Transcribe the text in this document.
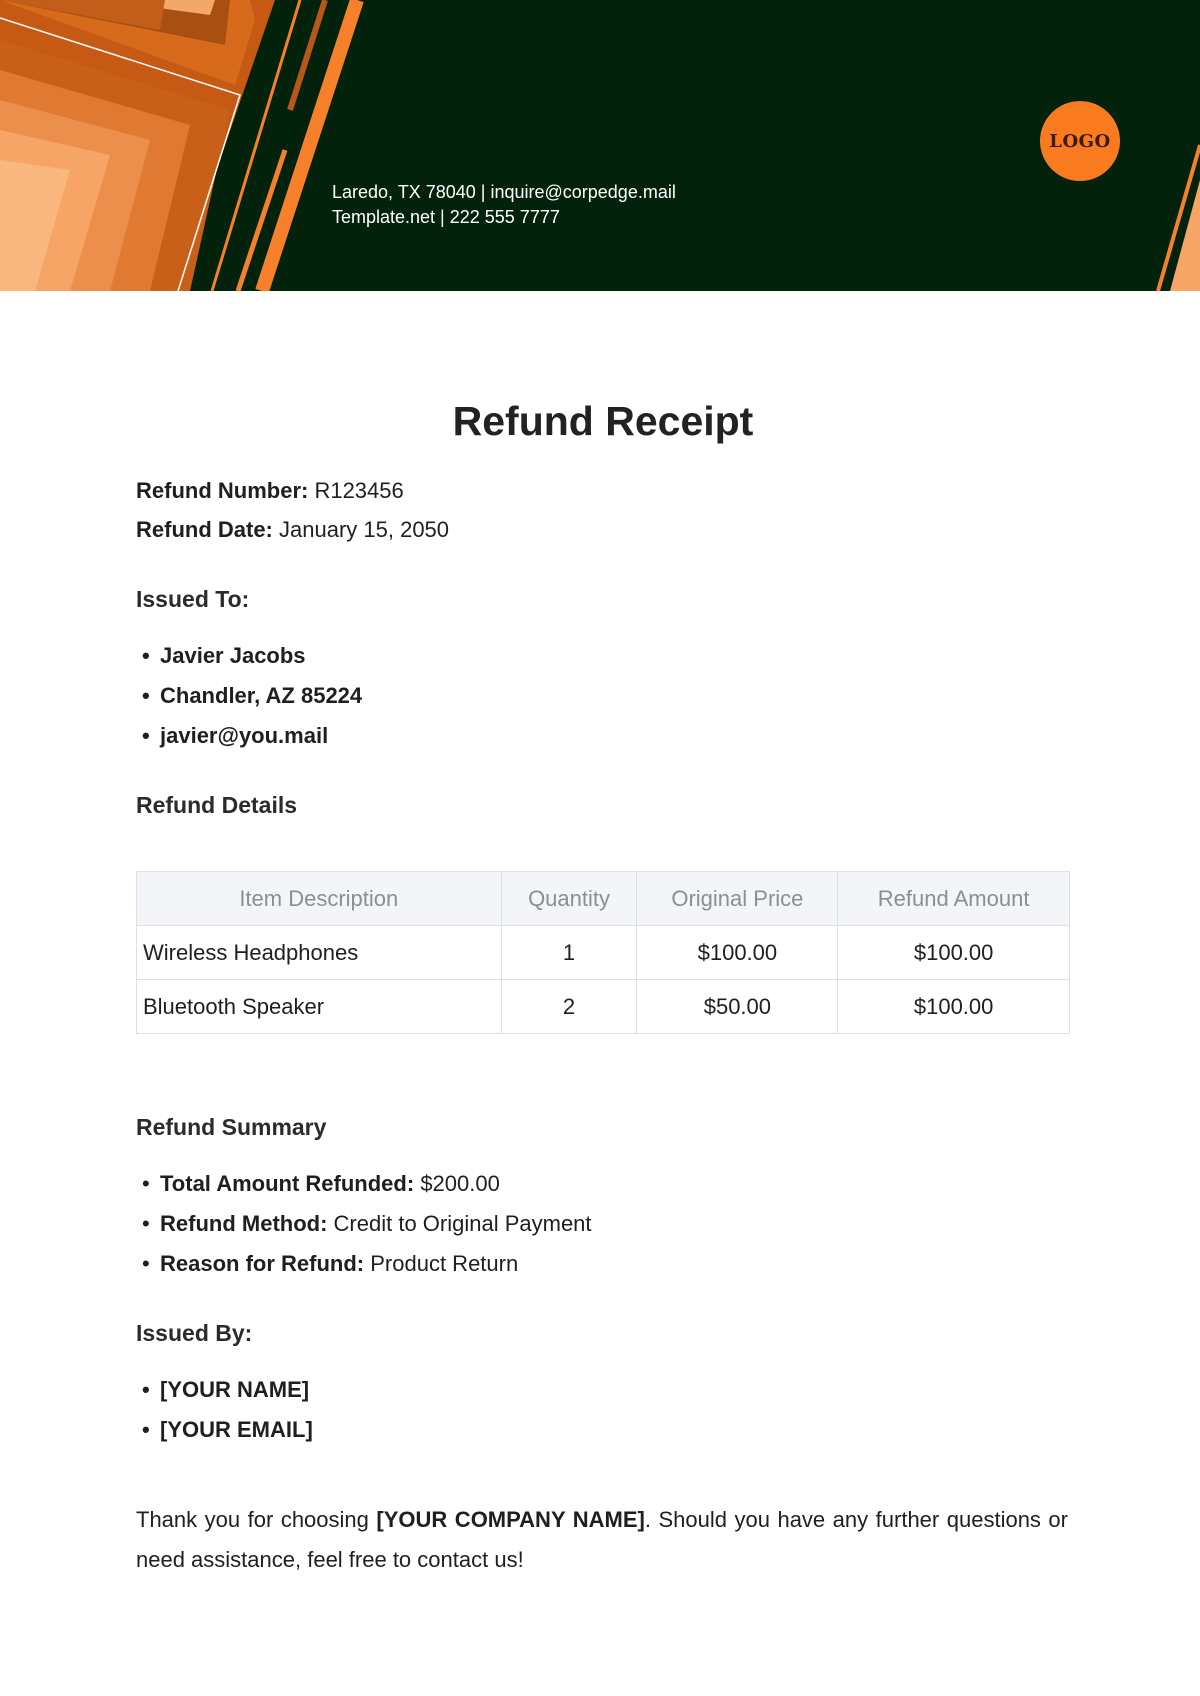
Laredo, TX 78040 | inquire@corpedge.mail
Template.net | 222 555 7777
LOGO
Refund Receipt
Refund Number: R123456
Refund Date: January 15, 2050
Issued To:
• Javier Jacobs
• Chandler, AZ 85224
• javier@you.mail
Refund Details
Item Description	Quantity	Original Price	Refund Amount
Wireless Headphones	1	$100.00	$100.00
Bluetooth Speaker	2	$50.00	$100.00
Refund Summary
• Total Amount Refunded: $200.00
• Refund Method: Credit to Original Payment
• Reason for Refund: Product Return
Issued By:
• [YOUR NAME]
• [YOUR EMAIL]
Thank you for choosing [YOUR COMPANY NAME]. Should you have any further questions or need assistance, feel free to contact us!
